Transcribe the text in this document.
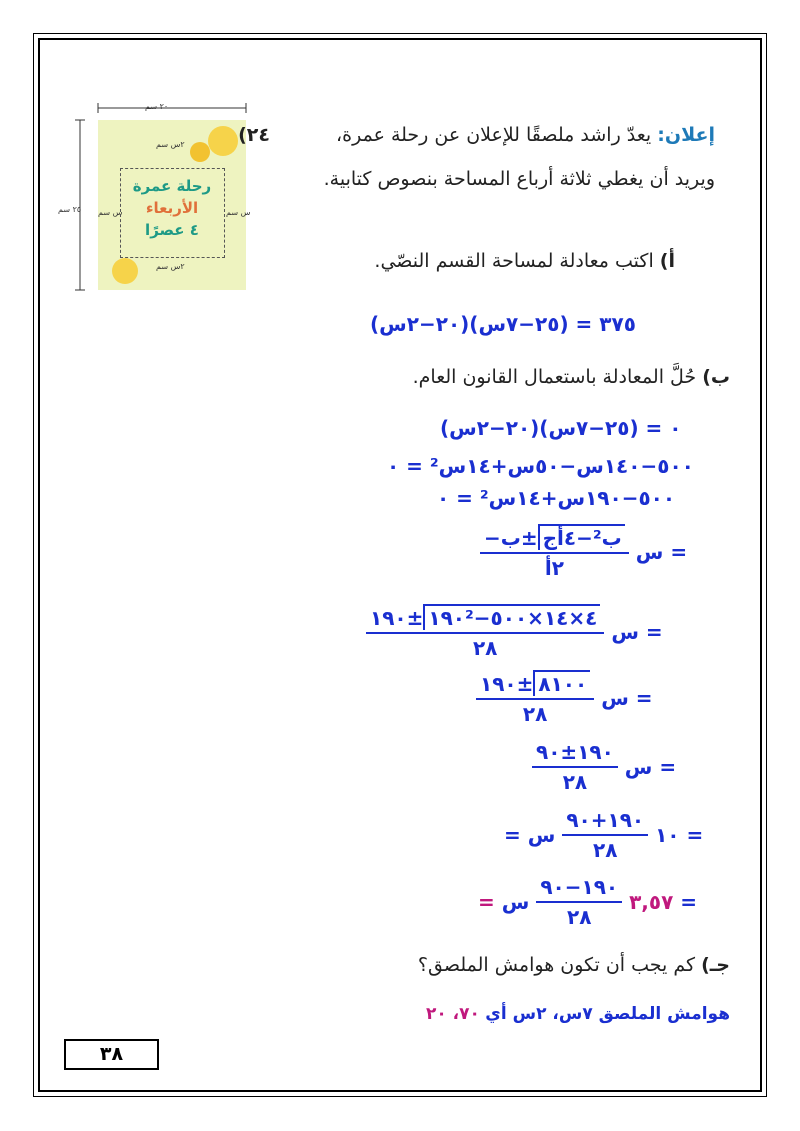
٢٠ سم
٢٥ سم
٢س سم
٢س سم
س سم	س سم
رحلة عمرة
الأربعاء
٤ عصرًا
٢٤)	إعلان: يعدّ راشد ملصقًا للإعلان عن رحلة عمرة،
ويريد أن يغطي ثلاثة أرباع المساحة بنصوص كتابية.
أ) اكتب معادلة لمساحة القسم النصّي.
(٢٠−٢س)(٢٥−٧س) = ٣٧٥
ب) حُلَّ المعادلة باستعمال القانون العام.
(٢٠−٢س)(٢٥−٧س) = ٠
٥٠٠−١٤٠س−٥٠س+١٤س² = ٠
٥٠٠−١٩٠س+١٤س² = ٠
$\frac{\text{−ب± ب²−٤أج}}{\text{٢أ}}$ س =
$\frac{\text{١٩٠± ١٩٠²−٤×١٤×٥٠٠}}{٢٨}$ س =
$\frac{١٩٠\pm ٨١٠٠}{٢٨}$ س =
$\frac{١٩٠\pm ٩٠}{٢٨}$ س =
= ١٠
$\frac{١٩٠+٩٠}{٢٨}$
س =
= ٣,٥٧
$\frac{١٩٠-٩٠}{٢٨}$
س =
جـ) كم يجب أن تكون هوامش الملصق؟
هوامش الملصق ٧س، ٢س أي ٧٠، ٢٠
٣٨
